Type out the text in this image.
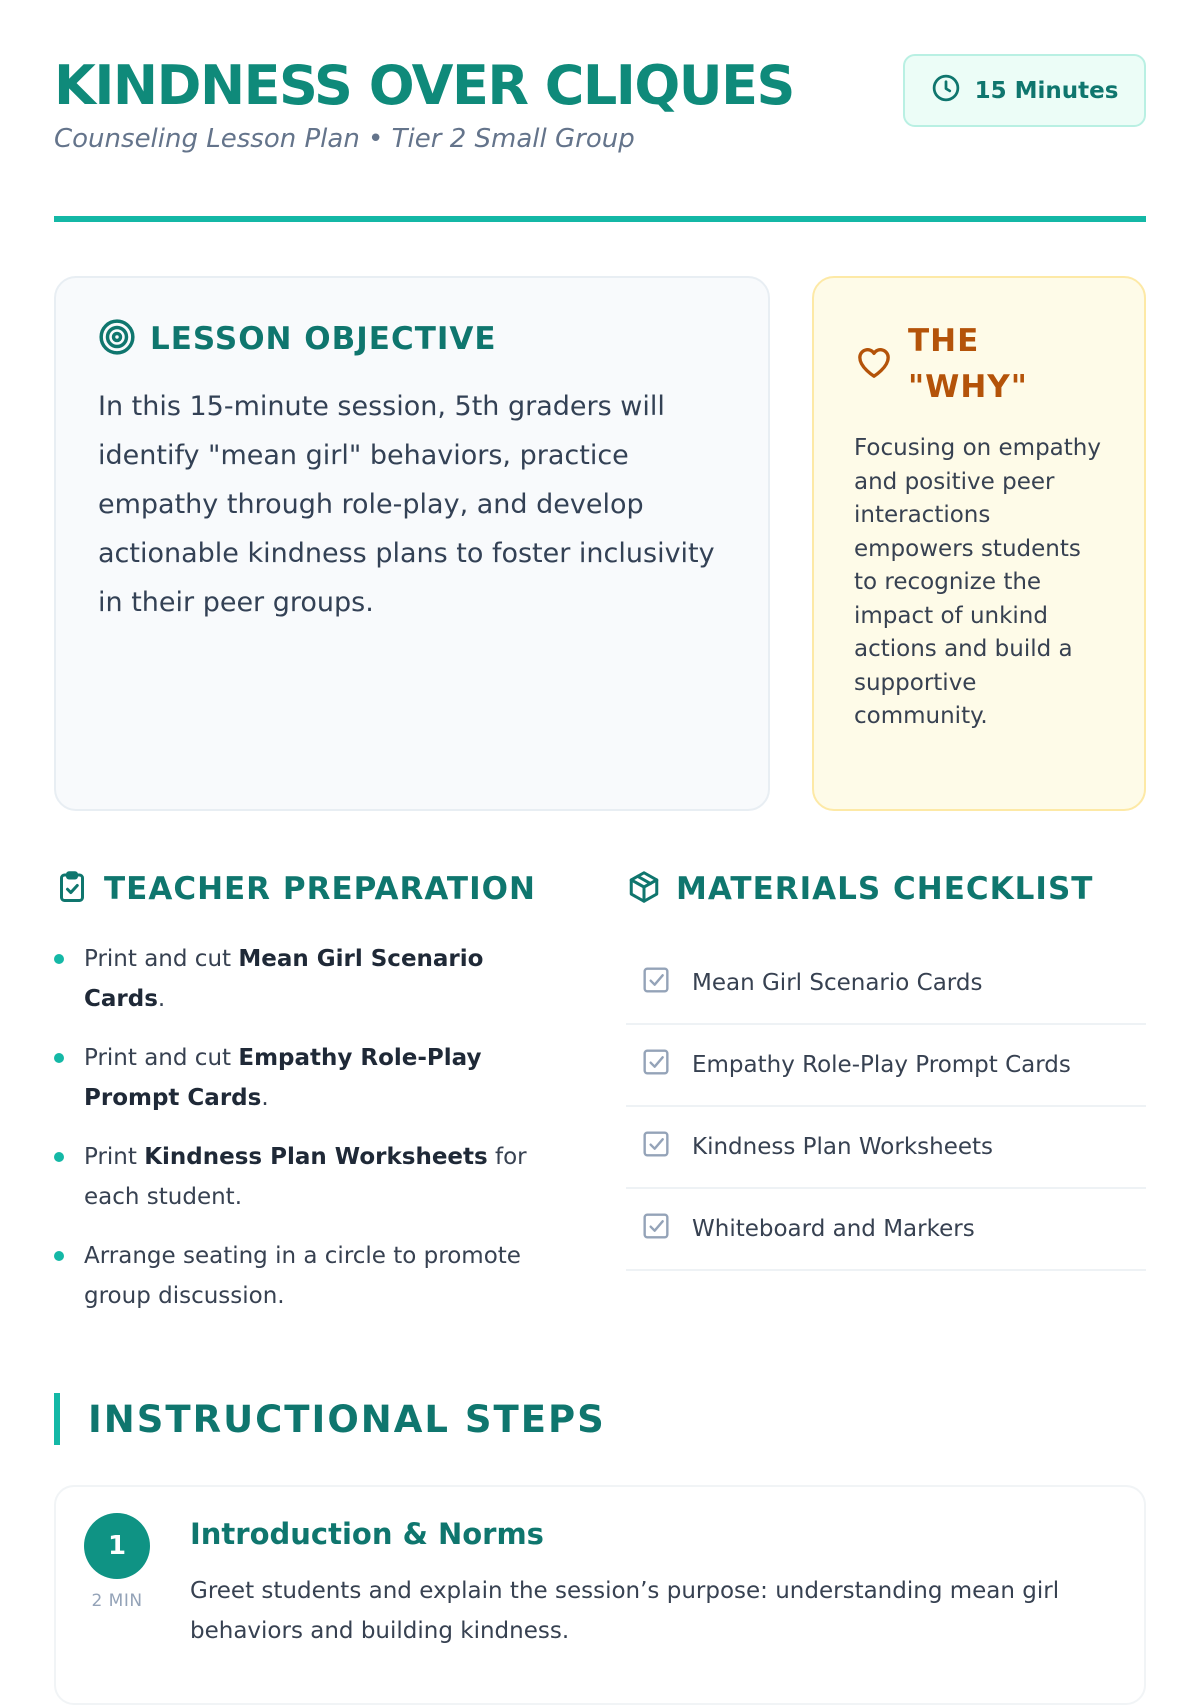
KINDNESS OVER CLIQUES
Counseling Lesson Plan • Tier 2 Small Group
15 Minutes
LESSON OBJECTIVE

In this 15-minute session, 5th graders will identify "mean girl" behaviors, practice empathy through role-play, and develop actionable kindness plans to foster inclusivity in their peer groups.

THE
"WHY"

Focusing on empathy and positive peer interactions empowers students to recognize the impact of unkind actions and build a supportive community.

TEACHER PREPARATION
Print and cut Mean Girl Scenario Cards.
Print and cut Empathy Role-Play Prompt Cards.
Print Kindness Plan Worksheets for each student.
Arrange seating in a circle to promote group discussion.
MATERIALS CHECKLIST
Mean Girl Scenario Cards
Empathy Role-Play Prompt Cards
Kindness Plan Worksheets
Whiteboard and Markers
INSTRUCTIONAL STEPS
1
2 MIN
Introduction & Norms

Greet students and explain the session’s purpose: understanding mean girl behaviors and building kindness.
